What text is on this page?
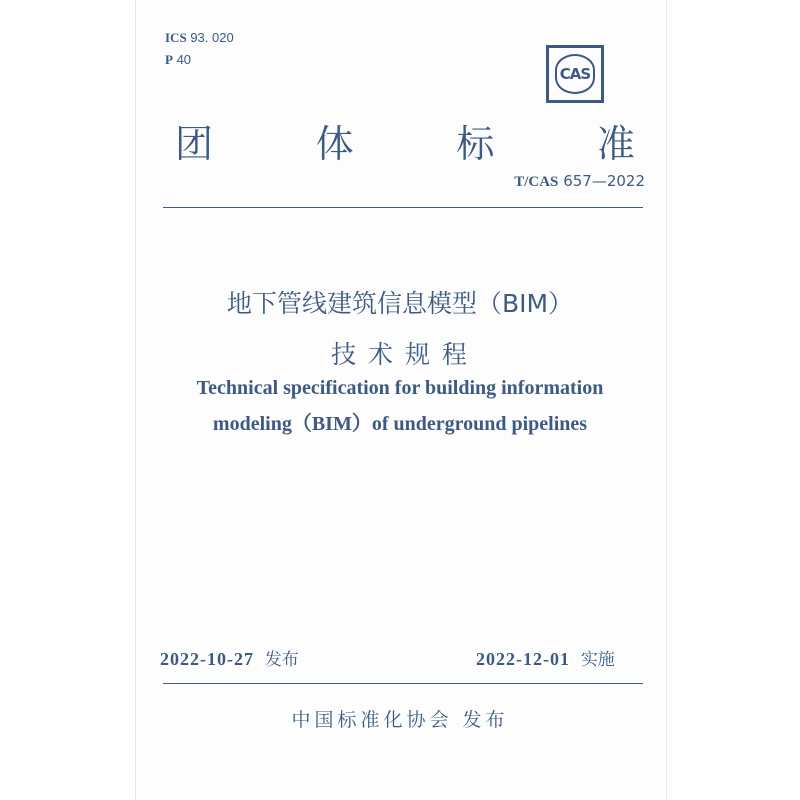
ICS 93. 020
P 40
CAS
团	体	标	准
T/CAS 657—2022
地下管线建筑信息模型（BIM）
技 术 规 程
Technical specification for building information
modeling（BIM）of underground pipelines
2022-10-27 发布	2022-12-01 实施
中国标准化协会 发布
